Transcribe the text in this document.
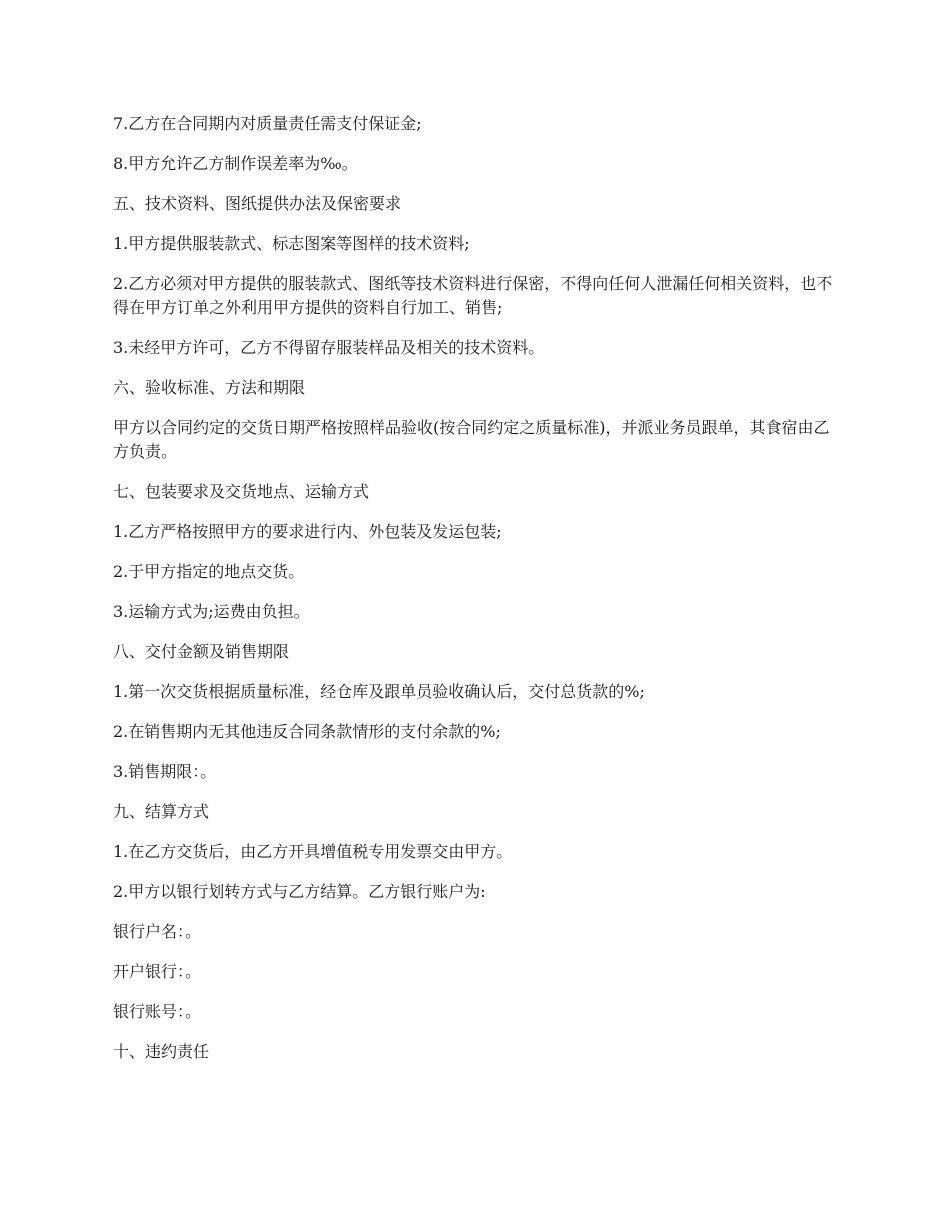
7.乙方在合同期内对质量责任需支付保证金;

8.甲方允许乙方制作误差率为‰。

五、技术资料、图纸提供办法及保密要求

1.甲方提供服装款式、标志图案等图样的技术资料;

2.乙方必须对甲方提供的服装款式、图纸等技术资料进行保密，不得向任何人泄漏任何相关资料，也不得在甲方订单之外利用甲方提供的资料自行加工、销售;

3.未经甲方许可，乙方不得留存服装样品及相关的技术资料。

六、验收标准、方法和期限

甲方以合同约定的交货日期严格按照样品验收(按合同约定之质量标准)，并派业务员跟单，其食宿由乙方负责。

七、包装要求及交货地点、运输方式

1.乙方严格按照甲方的要求进行内、外包装及发运包装;

2.于甲方指定的地点交货。

3.运输方式为;运费由负担。

八、交付金额及销售期限

1.第一次交货根据质量标准，经仓库及跟单员验收确认后，交付总货款的%;

2.在销售期内无其他违反合同条款情形的支付余款的%;

3.销售期限：。

九、结算方式

1.在乙方交货后，由乙方开具增值税专用发票交由甲方。

2.甲方以银行划转方式与乙方结算。乙方银行账户为:

银行户名：。

开户银行：。

银行账号：。

十、违约责任
